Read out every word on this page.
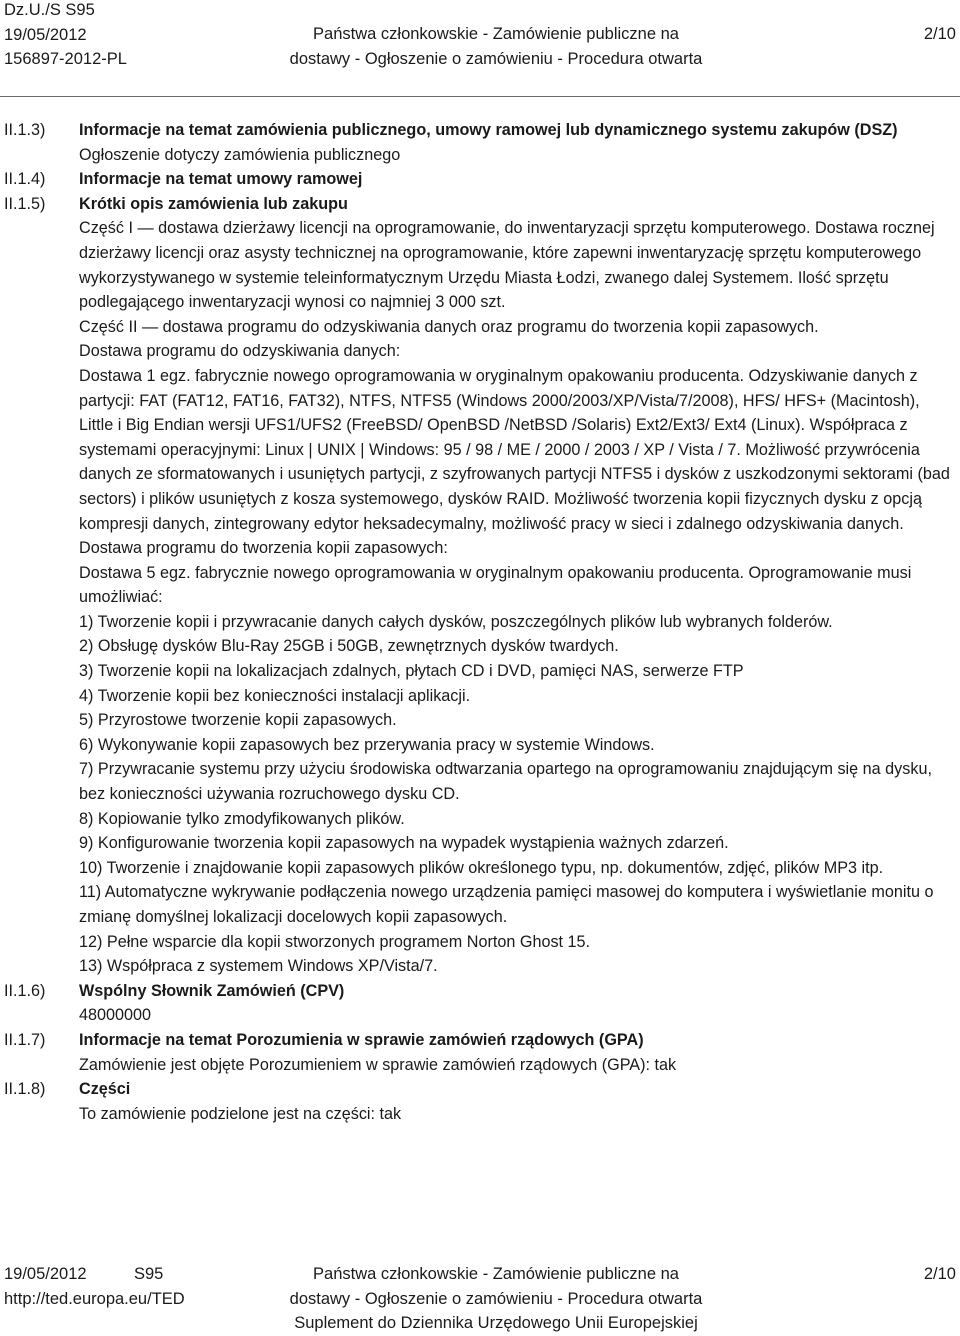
Dz.U./S S95
19/05/2012
156897-2012-PL
Państwa członkowskie - Zamówienie publiczne na
dostawy - Ogłoszenie o zamówieniu - Procedura otwarta
2/10
II.1.3) Informacje na temat zamówienia publicznego, umowy ramowej lub dynamicznego systemu zakupów (DSZ)
Ogłoszenie dotyczy zamówienia publicznego
II.1.4) Informacje na temat umowy ramowej
II.1.5) Krótki opis zamówienia lub zakupu
Część I — dostawa dzierżawy licencji na oprogramowanie, do inwentaryzacji sprzętu komputerowego. Dostawa rocznej dzierżawy licencji oraz asysty technicznej na oprogramowanie, które zapewni inwentaryzację sprzętu komputerowego wykorzystywanego w systemie teleinformatycznym Urzędu Miasta Łodzi, zwanego dalej Systemem. Ilość sprzętu podlegającego inwentaryzacji wynosi co najmniej 3 000 szt.
Część II — dostawa programu do odzyskiwania danych oraz programu do tworzenia kopii zapasowych.
Dostawa programu do odzyskiwania danych:
Dostawa 1 egz. fabrycznie nowego oprogramowania w oryginalnym opakowaniu producenta. Odzyskiwanie danych z partycji: FAT (FAT12, FAT16, FAT32), NTFS, NTFS5 (Windows 2000/2003/XP/Vista/7/2008), HFS/ HFS+ (Macintosh), Little i Big Endian wersji UFS1/UFS2 (FreeBSD/ OpenBSD /NetBSD /Solaris) Ext2/Ext3/ Ext4 (Linux). Współpraca z systemami operacyjnymi: Linux | UNIX | Windows: 95 / 98 / ME / 2000 / 2003 / XP / Vista / 7. Możliwość przywrócenia danych ze sformatowanych i usuniętych partycji, z szyfrowanych partycji NTFS5 i dysków z uszkodzonymi sektorami (bad sectors) i plików usuniętych z kosza systemowego, dysków RAID. Możliwość tworzenia kopii fizycznych dysku z opcją kompresji danych, zintegrowany edytor heksadecymalny, możliwość pracy w sieci i zdalnego odzyskiwania danych.
Dostawa programu do tworzenia kopii zapasowych:
Dostawa 5 egz. fabrycznie nowego oprogramowania w oryginalnym opakowaniu producenta. Oprogramowanie musi umożliwiać:
1) Tworzenie kopii i przywracanie danych całych dysków, poszczególnych plików lub wybranych folderów.
2) Obsługę dysków Blu-Ray 25GB i 50GB, zewnętrznych dysków twardych.
3) Tworzenie kopii na lokalizacjach zdalnych, płytach CD i DVD, pamięci NAS, serwerze FTP
4) Tworzenie kopii bez konieczności instalacji aplikacji.
5) Przyrostowe tworzenie kopii zapasowych.
6) Wykonywanie kopii zapasowych bez przerywania pracy w systemie Windows.
7) Przywracanie systemu przy użyciu środowiska odtwarzania opartego na oprogramowaniu znajdującym się na dysku, bez konieczności używania rozruchowego dysku CD.
8) Kopiowanie tylko zmodyfikowanych plików.
9) Konfigurowanie tworzenia kopii zapasowych na wypadek wystąpienia ważnych zdarzeń.
10) Tworzenie i znajdowanie kopii zapasowych plików określonego typu, np. dokumentów, zdjęć, plików MP3 itp.
11) Automatyczne wykrywanie podłączenia nowego urządzenia pamięci masowej do komputera i wyświetlanie monitu o zmianę domyślnej lokalizacji docelowych kopii zapasowych.
12) Pełne wsparcie dla kopii stworzonych programem Norton Ghost 15.
13) Współpraca z systemem Windows XP/Vista/7.
II.1.6) Wspólny Słownik Zamówień (CPV)
48000000
II.1.7) Informacje na temat Porozumienia w sprawie zamówień rządowych (GPA)
Zamówienie jest objęte Porozumieniem w sprawie zamówień rządowych (GPA): tak
II.1.8) Części
To zamówienie podzielone jest na części: tak
19/05/2012	S95
http://ted.europa.eu/TED
Państwa członkowskie - Zamówienie publiczne na
dostawy - Ogłoszenie o zamówieniu - Procedura otwarta
Suplement do Dziennika Urzędowego Unii Europejskiej
2/10
